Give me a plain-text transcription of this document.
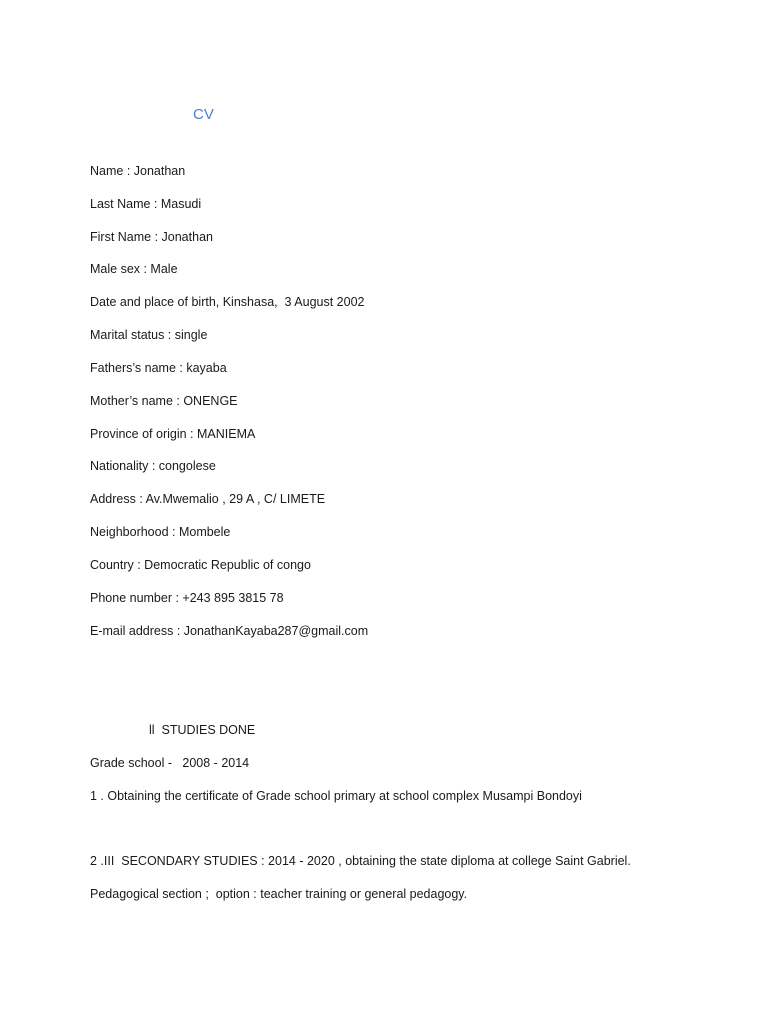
CV
Name : Jonathan
Last Name : Masudi
First Name : Jonathan
Male sex : Male
Date and place of birth, Kinshasa,  3 August 2002
Marital status : single
Fathers’s name : kayaba
Mother’s name : ONENGE
Province of origin : MANIEMA
Nationality : congolese
Address : Av.Mwemalio , 29 A , C/ LIMETE
Neighborhood : Mombele
Country : Democratic Republic of congo
Phone number : +243 895 3815 78
E-mail address : JonathanKayaba287@gmail.com
ll  STUDIES DONE
Grade school -   2008 - 2014
1 . Obtaining the certificate of Grade school primary at school complex Musampi Bondoyi
2 .III  SECONDARY STUDIES : 2014 - 2020 , obtaining the state diploma at college Saint Gabriel.
Pedagogical section ;  option : teacher training or general pedagogy.
